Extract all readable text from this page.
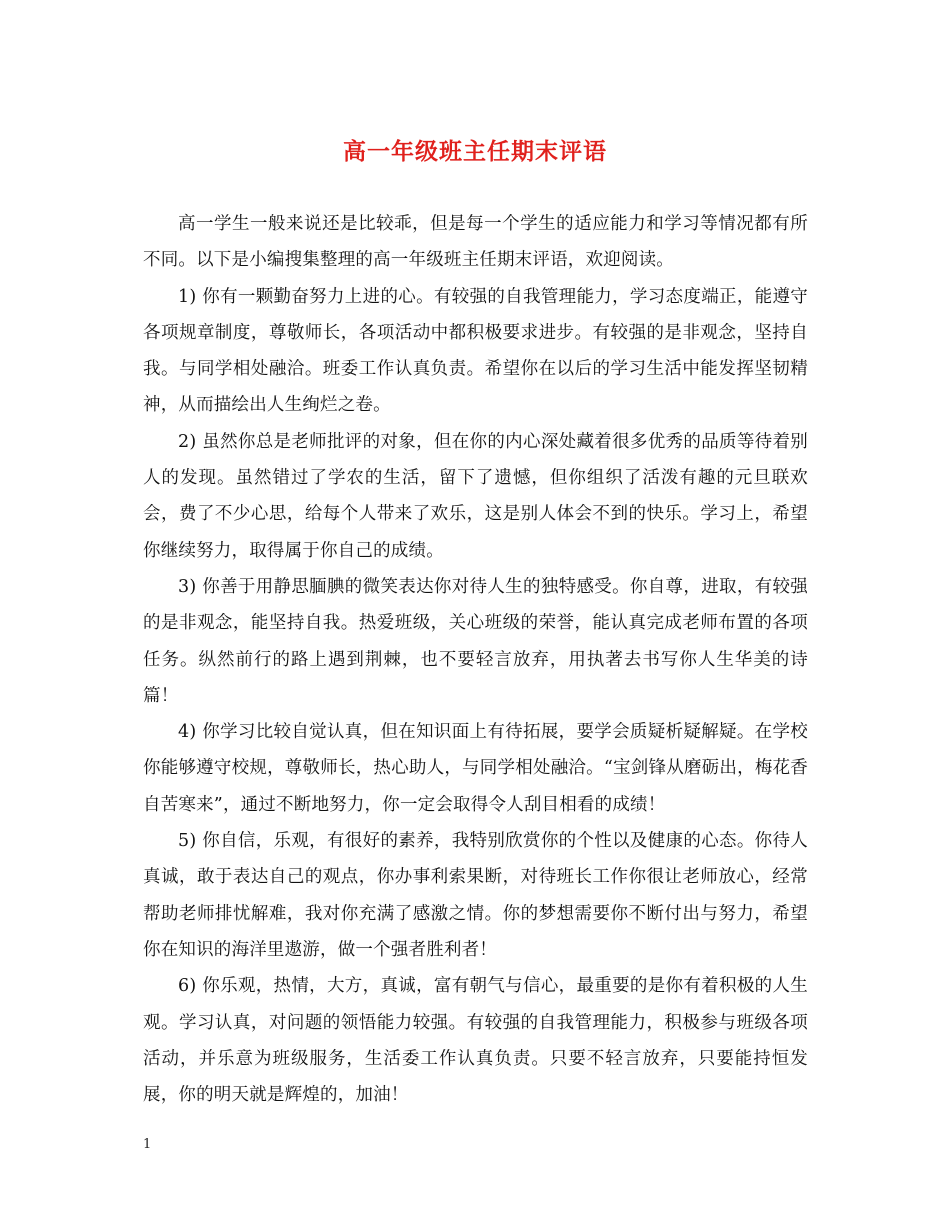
高一年级班主任期末评语

高一学生一般来说还是比较乖，但是每一个学生的适应能力和学习等情况都有所不同。以下是小编搜集整理的高一年级班主任期末评语，欢迎阅读。

1) 你有一颗勤奋努力上进的心。有较强的自我管理能力，学习态度端正，能遵守各项规章制度，尊敬师长，各项活动中都积极要求进步。有较强的是非观念，坚持自我。与同学相处融洽。班委工作认真负责。希望你在以后的学习生活中能发挥坚韧精神，从而描绘出人生绚烂之卷。

2) 虽然你总是老师批评的对象，但在你的内心深处藏着很多优秀的品质等待着别人的发现。虽然错过了学农的生活，留下了遗憾，但你组织了活泼有趣的元旦联欢会，费了不少心思，给每个人带来了欢乐，这是别人体会不到的快乐。学习上，希望你继续努力，取得属于你自己的成绩。

3) 你善于用静思腼腆的微笑表达你对待人生的独特感受。你自尊，进取，有较强的是非观念，能坚持自我。热爱班级，关心班级的荣誉，能认真完成老师布置的各项任务。纵然前行的路上遇到荆棘，也不要轻言放弃，用执著去书写你人生华美的诗篇！

4) 你学习比较自觉认真，但在知识面上有待拓展，要学会质疑析疑解疑。在学校你能够遵守校规，尊敬师长，热心助人，与同学相处融洽。“宝剑锋从磨砺出，梅花香自苦寒来”，通过不断地努力，你一定会取得令人刮目相看的成绩！

5) 你自信，乐观，有很好的素养，我特别欣赏你的个性以及健康的心态。你待人真诚，敢于表达自己的观点，你办事利索果断，对待班长工作你很让老师放心，经常帮助老师排忧解难，我对你充满了感激之情。你的梦想需要你不断付出与努力，希望你在知识的海洋里遨游，做一个强者胜利者！

6) 你乐观，热情，大方，真诚，富有朝气与信心，最重要的是你有着积极的人生观。学习认真，对问题的领悟能力较强。有较强的自我管理能力，积极参与班级各项活动，并乐意为班级服务，生活委工作认真负责。只要不轻言放弃，只要能持恒发展，你的明天就是辉煌的，加油！

1
